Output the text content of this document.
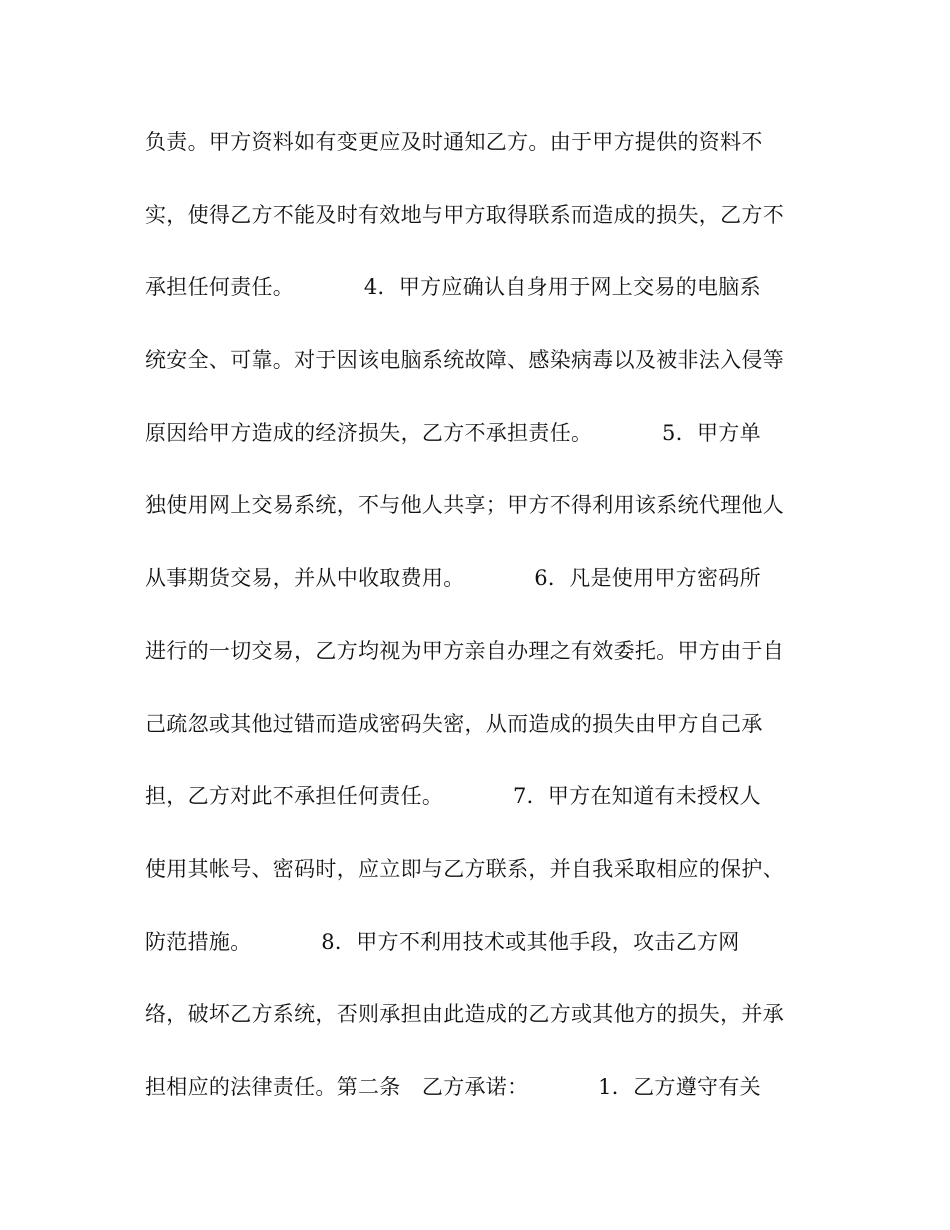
负责。甲方资料如有变更应及时通知乙方。由于甲方提供的资料不
实，使得乙方不能及时有效地与甲方取得联系而造成的损失，乙方不
承担任何责任。          4．甲方应确认自身用于网上交易的电脑系
统安全、可靠。对于因该电脑系统故障、感染病毒以及被非法入侵等
原因给甲方造成的经济损失，乙方不承担责任。          5．甲方单
独使用网上交易系统，不与他人共享；甲方不得利用该系统代理他人
从事期货交易，并从中收取费用。          6．凡是使用甲方密码所
进行的一切交易，乙方均视为甲方亲自办理之有效委托。甲方由于自
己疏忽或其他过错而造成密码失密，从而造成的损失由甲方自己承
担，乙方对此不承担任何责任。          7．甲方在知道有未授权人
使用其帐号、密码时，应立即与乙方联系，并自我采取相应的保护、
防范措施。          8．甲方不利用技术或其他手段，攻击乙方网
络，破坏乙方系统，否则承担由此造成的乙方或其他方的损失，并承
担相应的法律责任。第二条　乙方承诺：          1．乙方遵守有关
